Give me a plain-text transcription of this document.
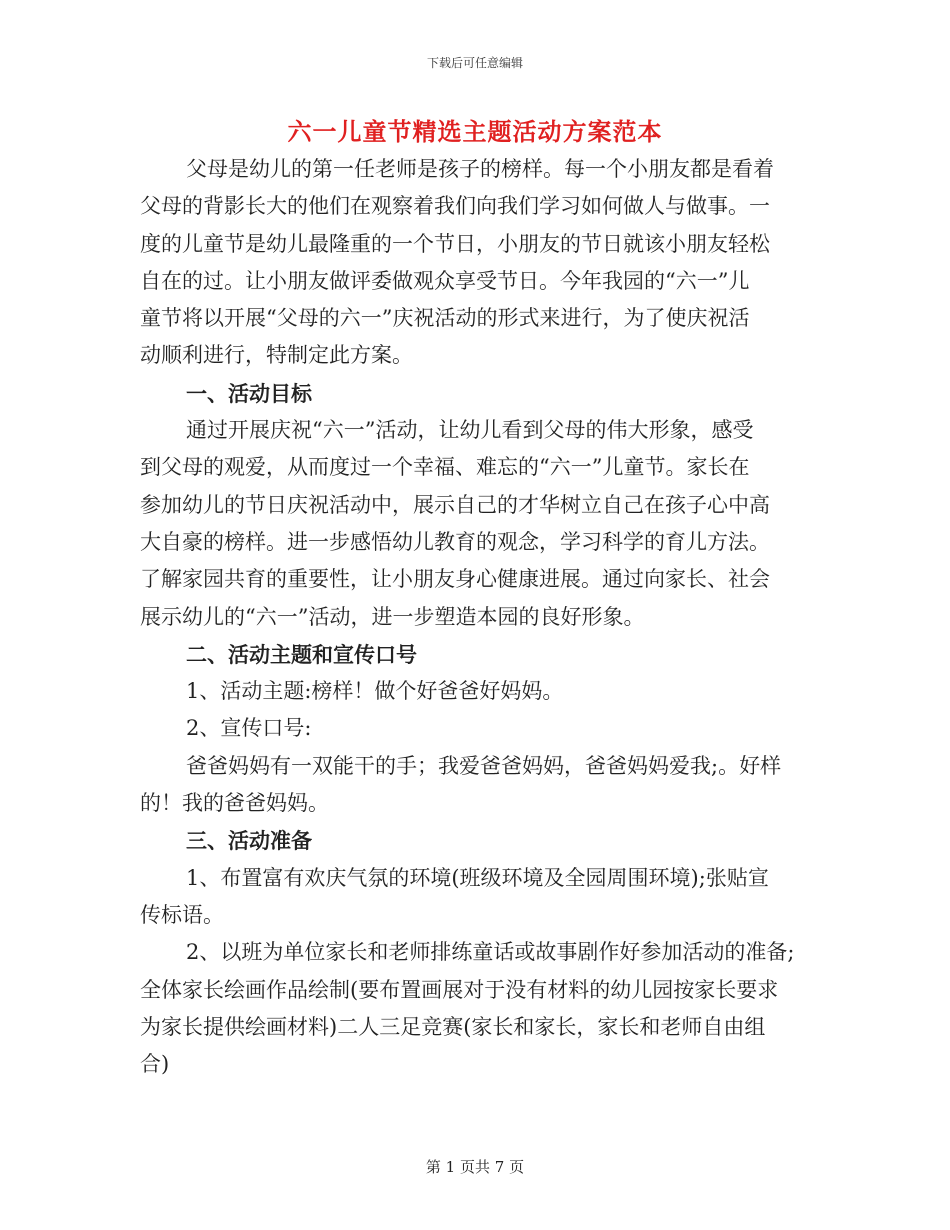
下载后可任意编辑
六一儿童节精选主题活动方案范本

父母是幼儿的第一任老师是孩子的榜样。每一个小朋友都是看着

父母的背影长大的他们在观察着我们向我们学习如何做人与做事。一

度的儿童节是幼儿最隆重的一个节日，小朋友的节日就该小朋友轻松

自在的过。让小朋友做评委做观众享受节日。今年我园的“六一”儿

童节将以开展“父母的六一”庆祝活动的形式来进行，为了使庆祝活

动顺利进行，特制定此方案。

一、活动目标

通过开展庆祝“六一”活动，让幼儿看到父母的伟大形象，感受

到父母的观爱，从而度过一个幸福、难忘的“六一”儿童节。家长在

参加幼儿的节日庆祝活动中，展示自己的才华树立自己在孩子心中高

大自豪的榜样。进一步感悟幼儿教育的观念，学习科学的育儿方法。

了解家园共育的重要性，让小朋友身心健康进展。通过向家长、社会

展示幼儿的“六一”活动，进一步塑造本园的良好形象。

二、活动主题和宣传口号

1、活动主题:榜样！做个好爸爸好妈妈。

2、宣传口号:

爸爸妈妈有一双能干的手；我爱爸爸妈妈，爸爸妈妈爱我;。好样

的！我的爸爸妈妈。

三、活动准备

1、布置富有欢庆气氛的环境(班级环境及全园周围环境);张贴宣

传标语。

2、以班为单位家长和老师排练童话或故事剧作好参加活动的准备;

全体家长绘画作品绘制(要布置画展对于没有材料的幼儿园按家长要求

为家长提供绘画材料)二人三足竞赛(家长和家长，家长和老师自由组

合)

第 1 页共 7 页
